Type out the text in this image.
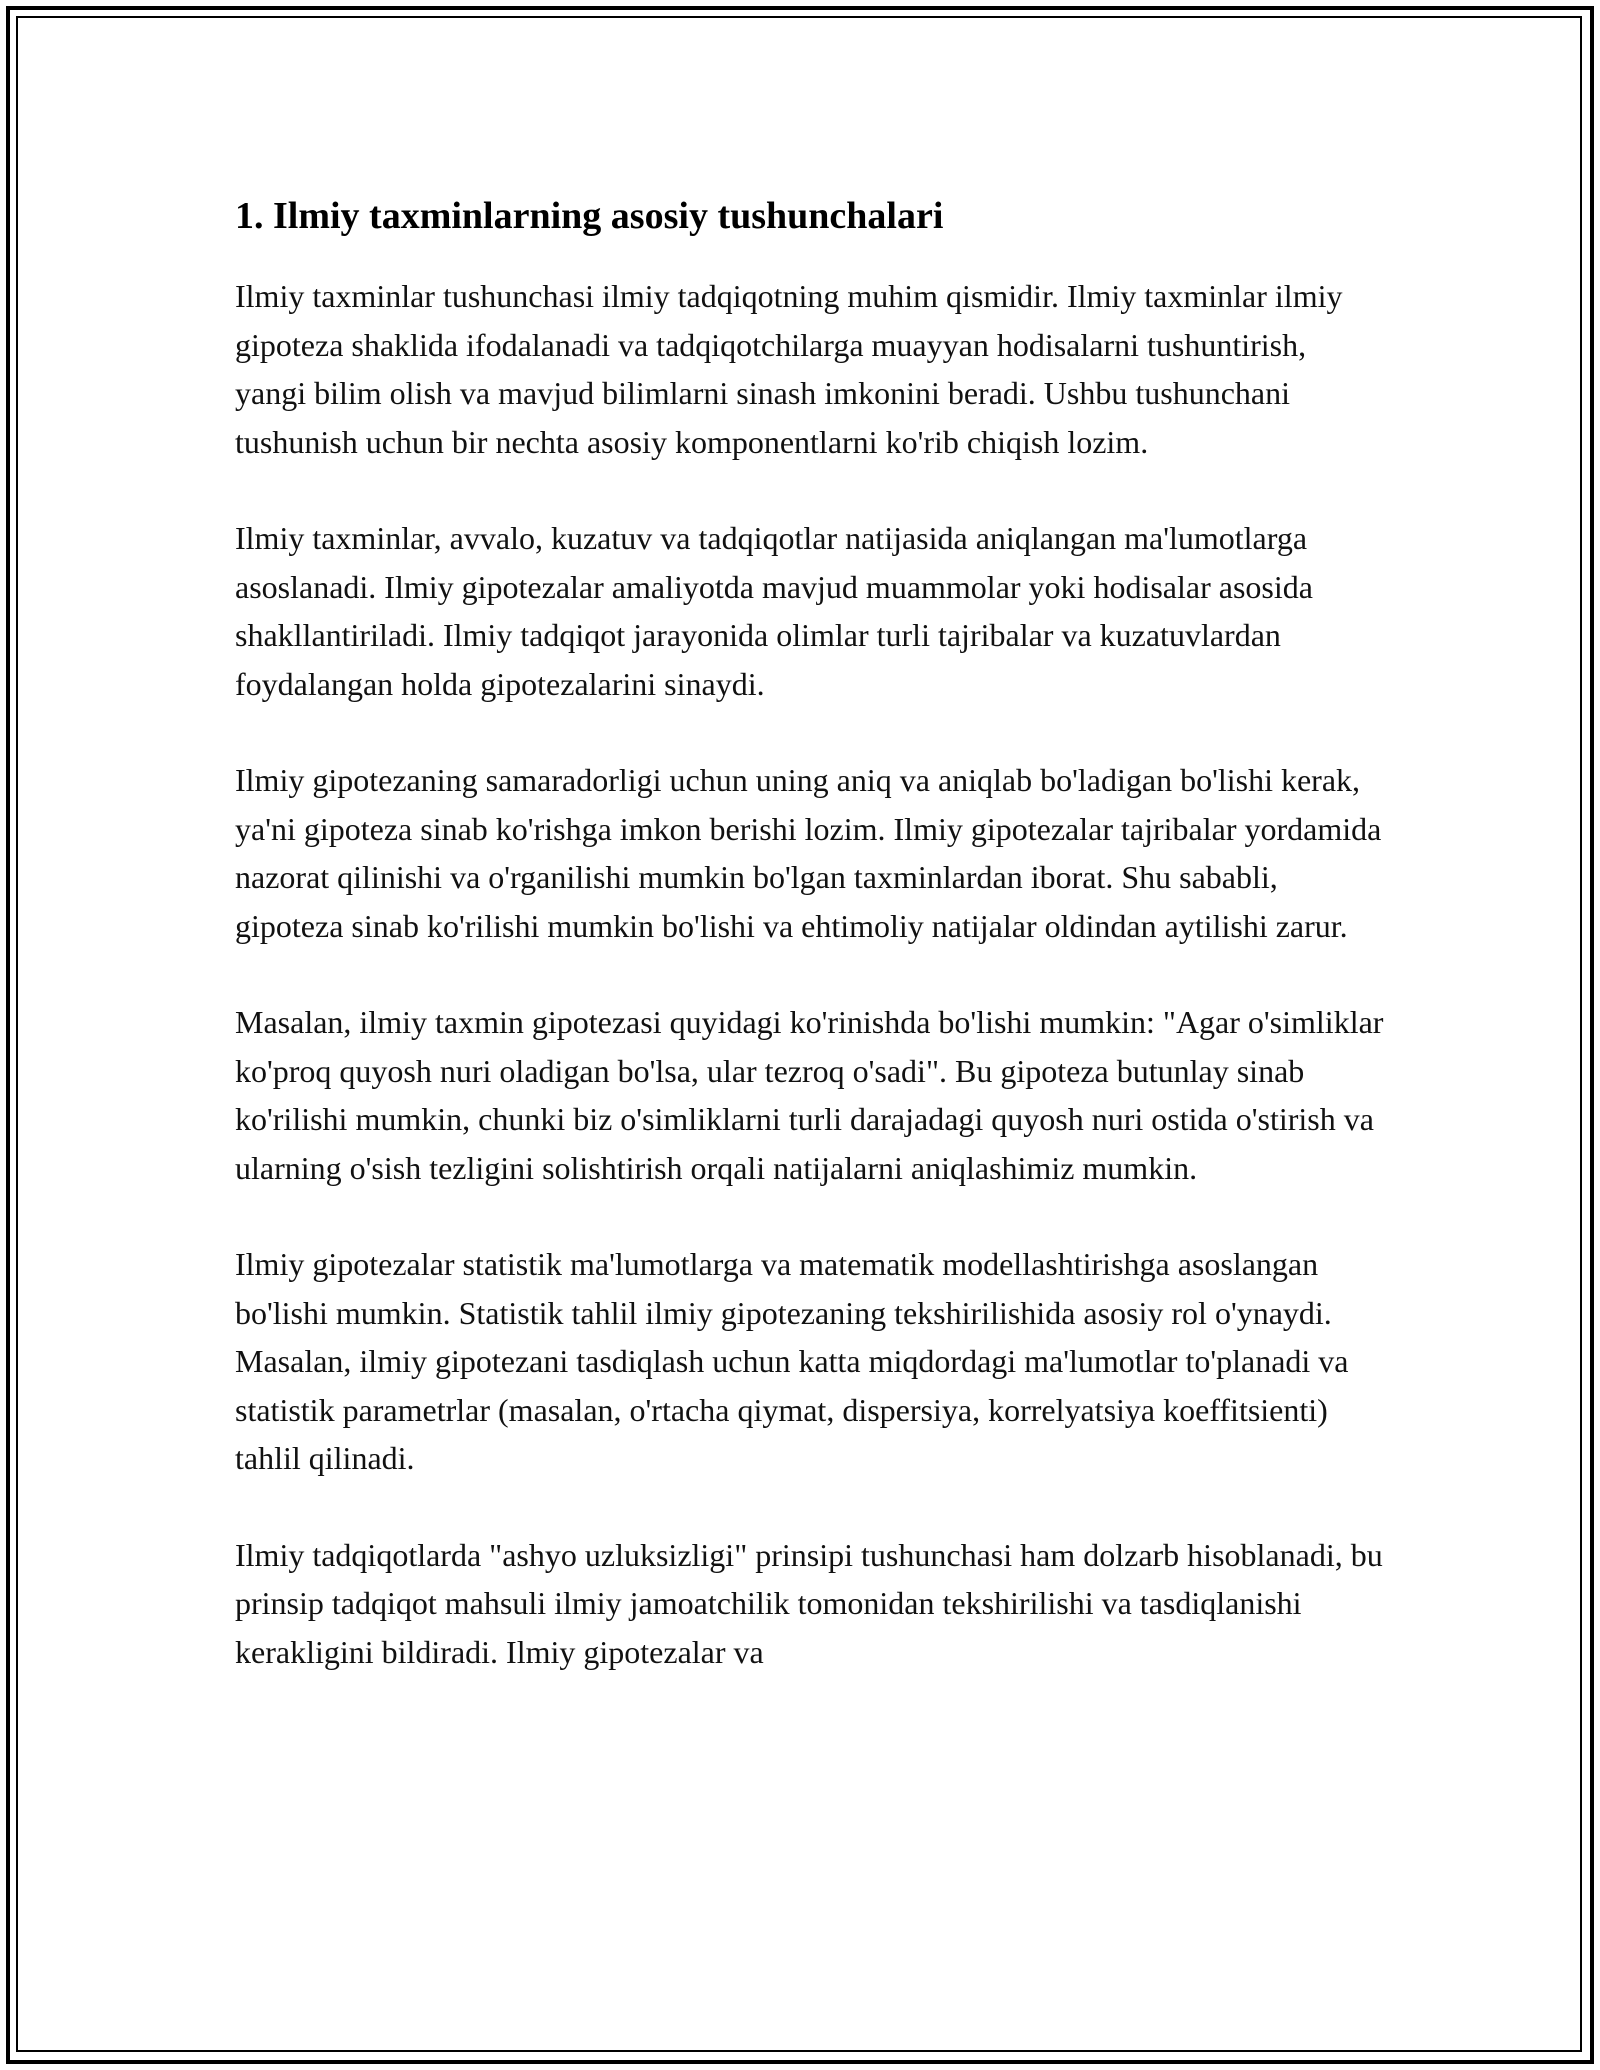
1. Ilmiy taxminlarning asosiy tushunchalari

Ilmiy taxminlar tushunchasi ilmiy tadqiqotning muhim qismidir. Ilmiy taxminlar ilmiy gipoteza shaklida ifodalanadi va tadqiqotchilarga muayyan hodisalarni tushuntirish, yangi bilim olish va mavjud bilimlarni sinash imkonini beradi. Ushbu tushunchani tushunish uchun bir nechta asosiy komponentlarni ko'rib chiqish lozim.

Ilmiy taxminlar, avvalo, kuzatuv va tadqiqotlar natijasida aniqlangan ma'lumotlarga asoslanadi. Ilmiy gipotezalar amaliyotda mavjud muammolar yoki hodisalar asosida shakllantiriladi. Ilmiy tadqiqot jarayonida olimlar turli tajribalar va kuzatuvlardan foydalangan holda gipotezalarini sinaydi.

Ilmiy gipotezaning samaradorligi uchun uning aniq va aniqlab bo'ladigan bo'lishi kerak, ya'ni gipoteza sinab ko'rishga imkon berishi lozim. Ilmiy gipotezalar tajribalar yordamida nazorat qilinishi va o'rganilishi mumkin bo'lgan taxminlardan iborat. Shu sababli, gipoteza sinab ko'rilishi mumkin bo'lishi va ehtimoliy natijalar oldindan aytilishi zarur.

Masalan, ilmiy taxmin gipotezasi quyidagi ko'rinishda bo'lishi mumkin: "Agar o'simliklar ko'proq quyosh nuri oladigan bo'lsa, ular tezroq o'sadi". Bu gipoteza butunlay sinab ko'rilishi mumkin, chunki biz o'simliklarni turli darajadagi quyosh nuri ostida o'stirish va ularning o'sish tezligini solishtirish orqali natijalarni aniqlashimiz mumkin.

Ilmiy gipotezalar statistik ma'lumotlarga va matematik modellashtirishga asoslangan bo'lishi mumkin. Statistik tahlil ilmiy gipotezaning tekshirilishida asosiy rol o'ynaydi. Masalan, ilmiy gipotezani tasdiqlash uchun katta miqdordagi ma'lumotlar to'planadi va statistik parametrlar (masalan, o'rtacha qiymat, dispersiya, korrelyatsiya koeffitsienti) tahlil qilinadi.

Ilmiy tadqiqotlarda "ashyo uzluksizligi" prinsipi tushunchasi ham dolzarb hisoblanadi, bu prinsip tadqiqot mahsuli ilmiy jamoatchilik tomonidan tekshirilishi va tasdiqlanishi kerakligini bildiradi. Ilmiy gipotezalar va
